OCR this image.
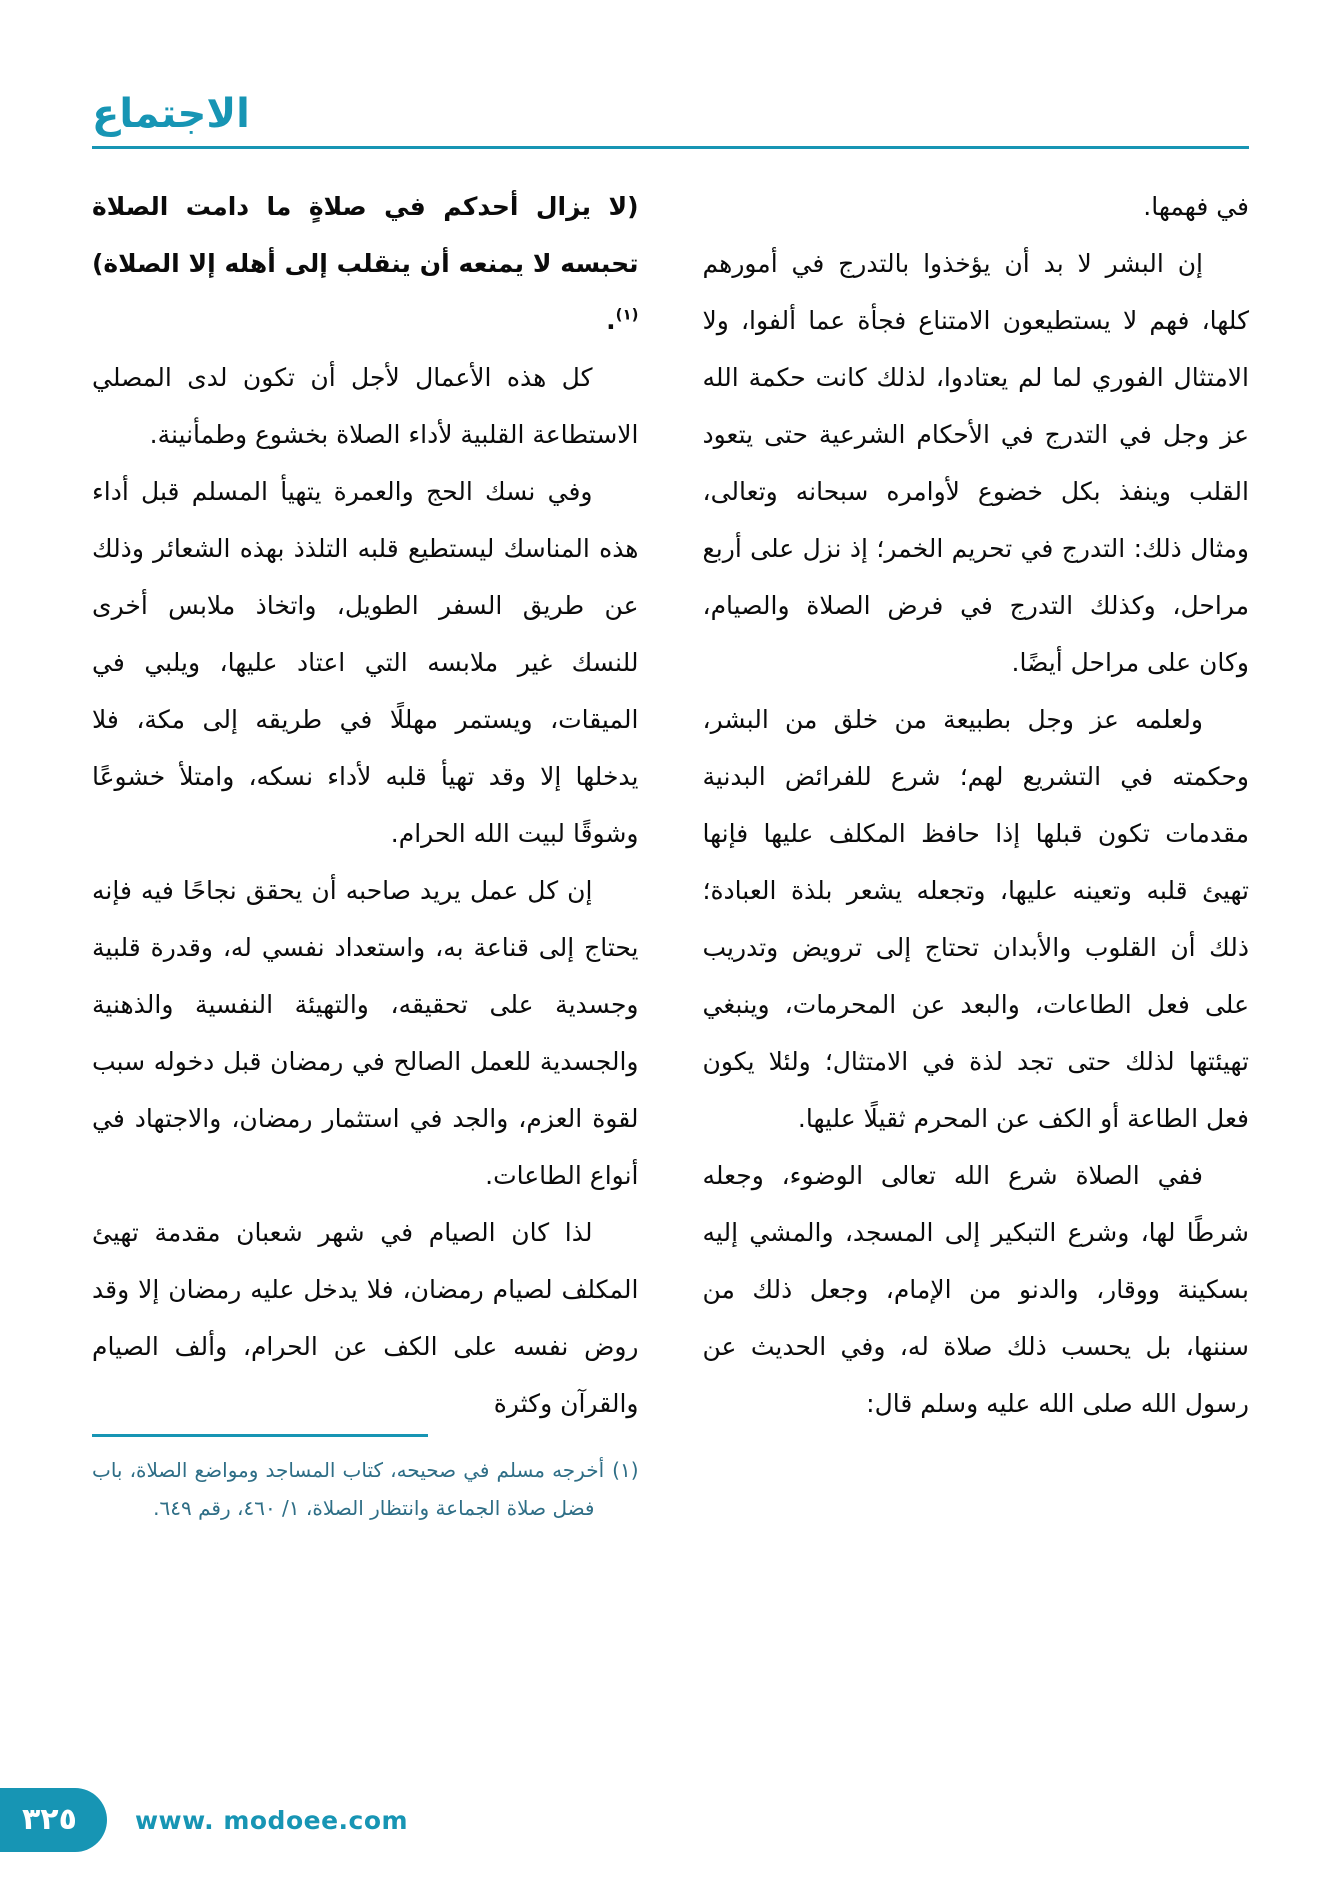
الاجتماع

في فهمها.

إن البشر لا بد أن يؤخذوا بالتدرج في أمورهم كلها، فهم لا يستطيعون الامتناع فجأة عما ألفوا، ولا الامتثال الفوري لما لم يعتادوا، لذلك كانت حكمة الله عز وجل في التدرج في الأحكام الشرعية حتى يتعود القلب وينفذ بكل خضوع لأوامره سبحانه وتعالى، ومثال ذلك: التدرج في تحريم الخمر؛ إذ نزل على أربع مراحل، وكذلك التدرج في فرض الصلاة والصيام، وكان على مراحل أيضًا.

ولعلمه عز وجل بطبيعة من خلق من البشر، وحكمته في التشريع لهم؛ شرع للفرائض البدنية مقدمات تكون قبلها إذا حافظ المكلف عليها فإنها تهيئ قلبه وتعينه عليها، وتجعله يشعر بلذة العبادة؛ ذلك أن القلوب والأبدان تحتاج إلى ترويض وتدريب على فعل الطاعات، والبعد عن المحرمات، وينبغي تهيئتها لذلك حتى تجد لذة في الامتثال؛ ولئلا يكون فعل الطاعة أو الكف عن المحرم ثقيلًا عليها.

ففي الصلاة شرع الله تعالى الوضوء، وجعله شرطًا لها، وشرع التبكير إلى المسجد، والمشي إليه بسكينة ووقار، والدنو من الإمام، وجعل ذلك من سننها، بل يحسب ذلك صلاة له، وفي الحديث عن رسول الله صلى الله عليه وسلم قال:

(لا يزال أحدكم في صلاةٍ ما دامت الصلاة تحبسه لا يمنعه أن ينقلب إلى أهله إلا الصلاة)$^{(١)}$.

كل هذه الأعمال لأجل أن تكون لدى المصلي الاستطاعة القلبية لأداء الصلاة بخشوع وطمأنينة.

وفي نسك الحج والعمرة يتهيأ المسلم قبل أداء هذه المناسك ليستطيع قلبه التلذذ بهذه الشعائر وذلك عن طريق السفر الطويل، واتخاذ ملابس أخرى للنسك غير ملابسه التي اعتاد عليها، ويلبي في الميقات، ويستمر مهللًا في طريقه إلى مكة، فلا يدخلها إلا وقد تهيأ قلبه لأداء نسكه، وامتلأ خشوعًا وشوقًا لبيت الله الحرام.

إن كل عمل يريد صاحبه أن يحقق نجاحًا فيه فإنه يحتاج إلى قناعة به، واستعداد نفسي له، وقدرة قلبية وجسدية على تحقيقه، والتهيئة النفسية والذهنية والجسدية للعمل الصالح في رمضان قبل دخوله سبب لقوة العزم، والجد في استثمار رمضان، والاجتهاد في أنواع الطاعات.

لذا كان الصيام في شهر شعبان مقدمة تهيئ المكلف لصيام رمضان، فلا يدخل عليه رمضان إلا وقد روض نفسه على الكف عن الحرام، وألف الصيام والقرآن وكثرة

(١)أخرجه مسلم في صحيحه، كتاب المساجد ومواضع الصلاة، باب فضل صلاة الجماعة وانتظار الصلاة، ١/ ٤٦٠، رقم ٦٤٩.
٣٢٥	www. modoee.com
